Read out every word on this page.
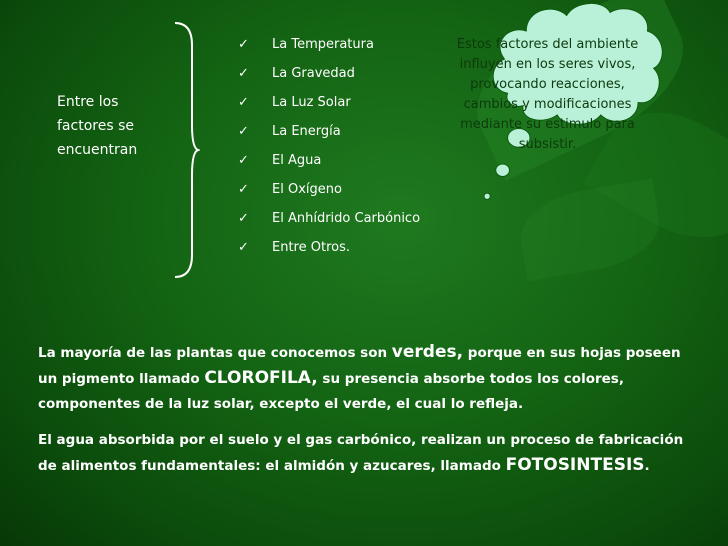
Entre los factores se encuentran
✓	La Temperatura
✓	La Gravedad
✓	La Luz Solar
✓	La Energía
✓	El Agua
✓	El Oxígeno
✓	El Anhídrido Carbónico
✓	Entre Otros.
Estos factores del ambiente influyen en los seres vivos, provocando reacciones, cambios y modificaciones mediante su estimulo para subsistir.

La mayoría de las plantas que conocemos son verdes, porque en sus hojas poseen un pigmento llamado CLOROFILA, su presencia absorbe todos los colores, componentes de la luz solar, excepto el verde, el cual lo refleja.

El agua absorbida por el suelo y el gas carbónico, realizan un proceso de fabricación de alimentos fundamentales: el almidón y azucares, llamado FOTOSINTESIS.
